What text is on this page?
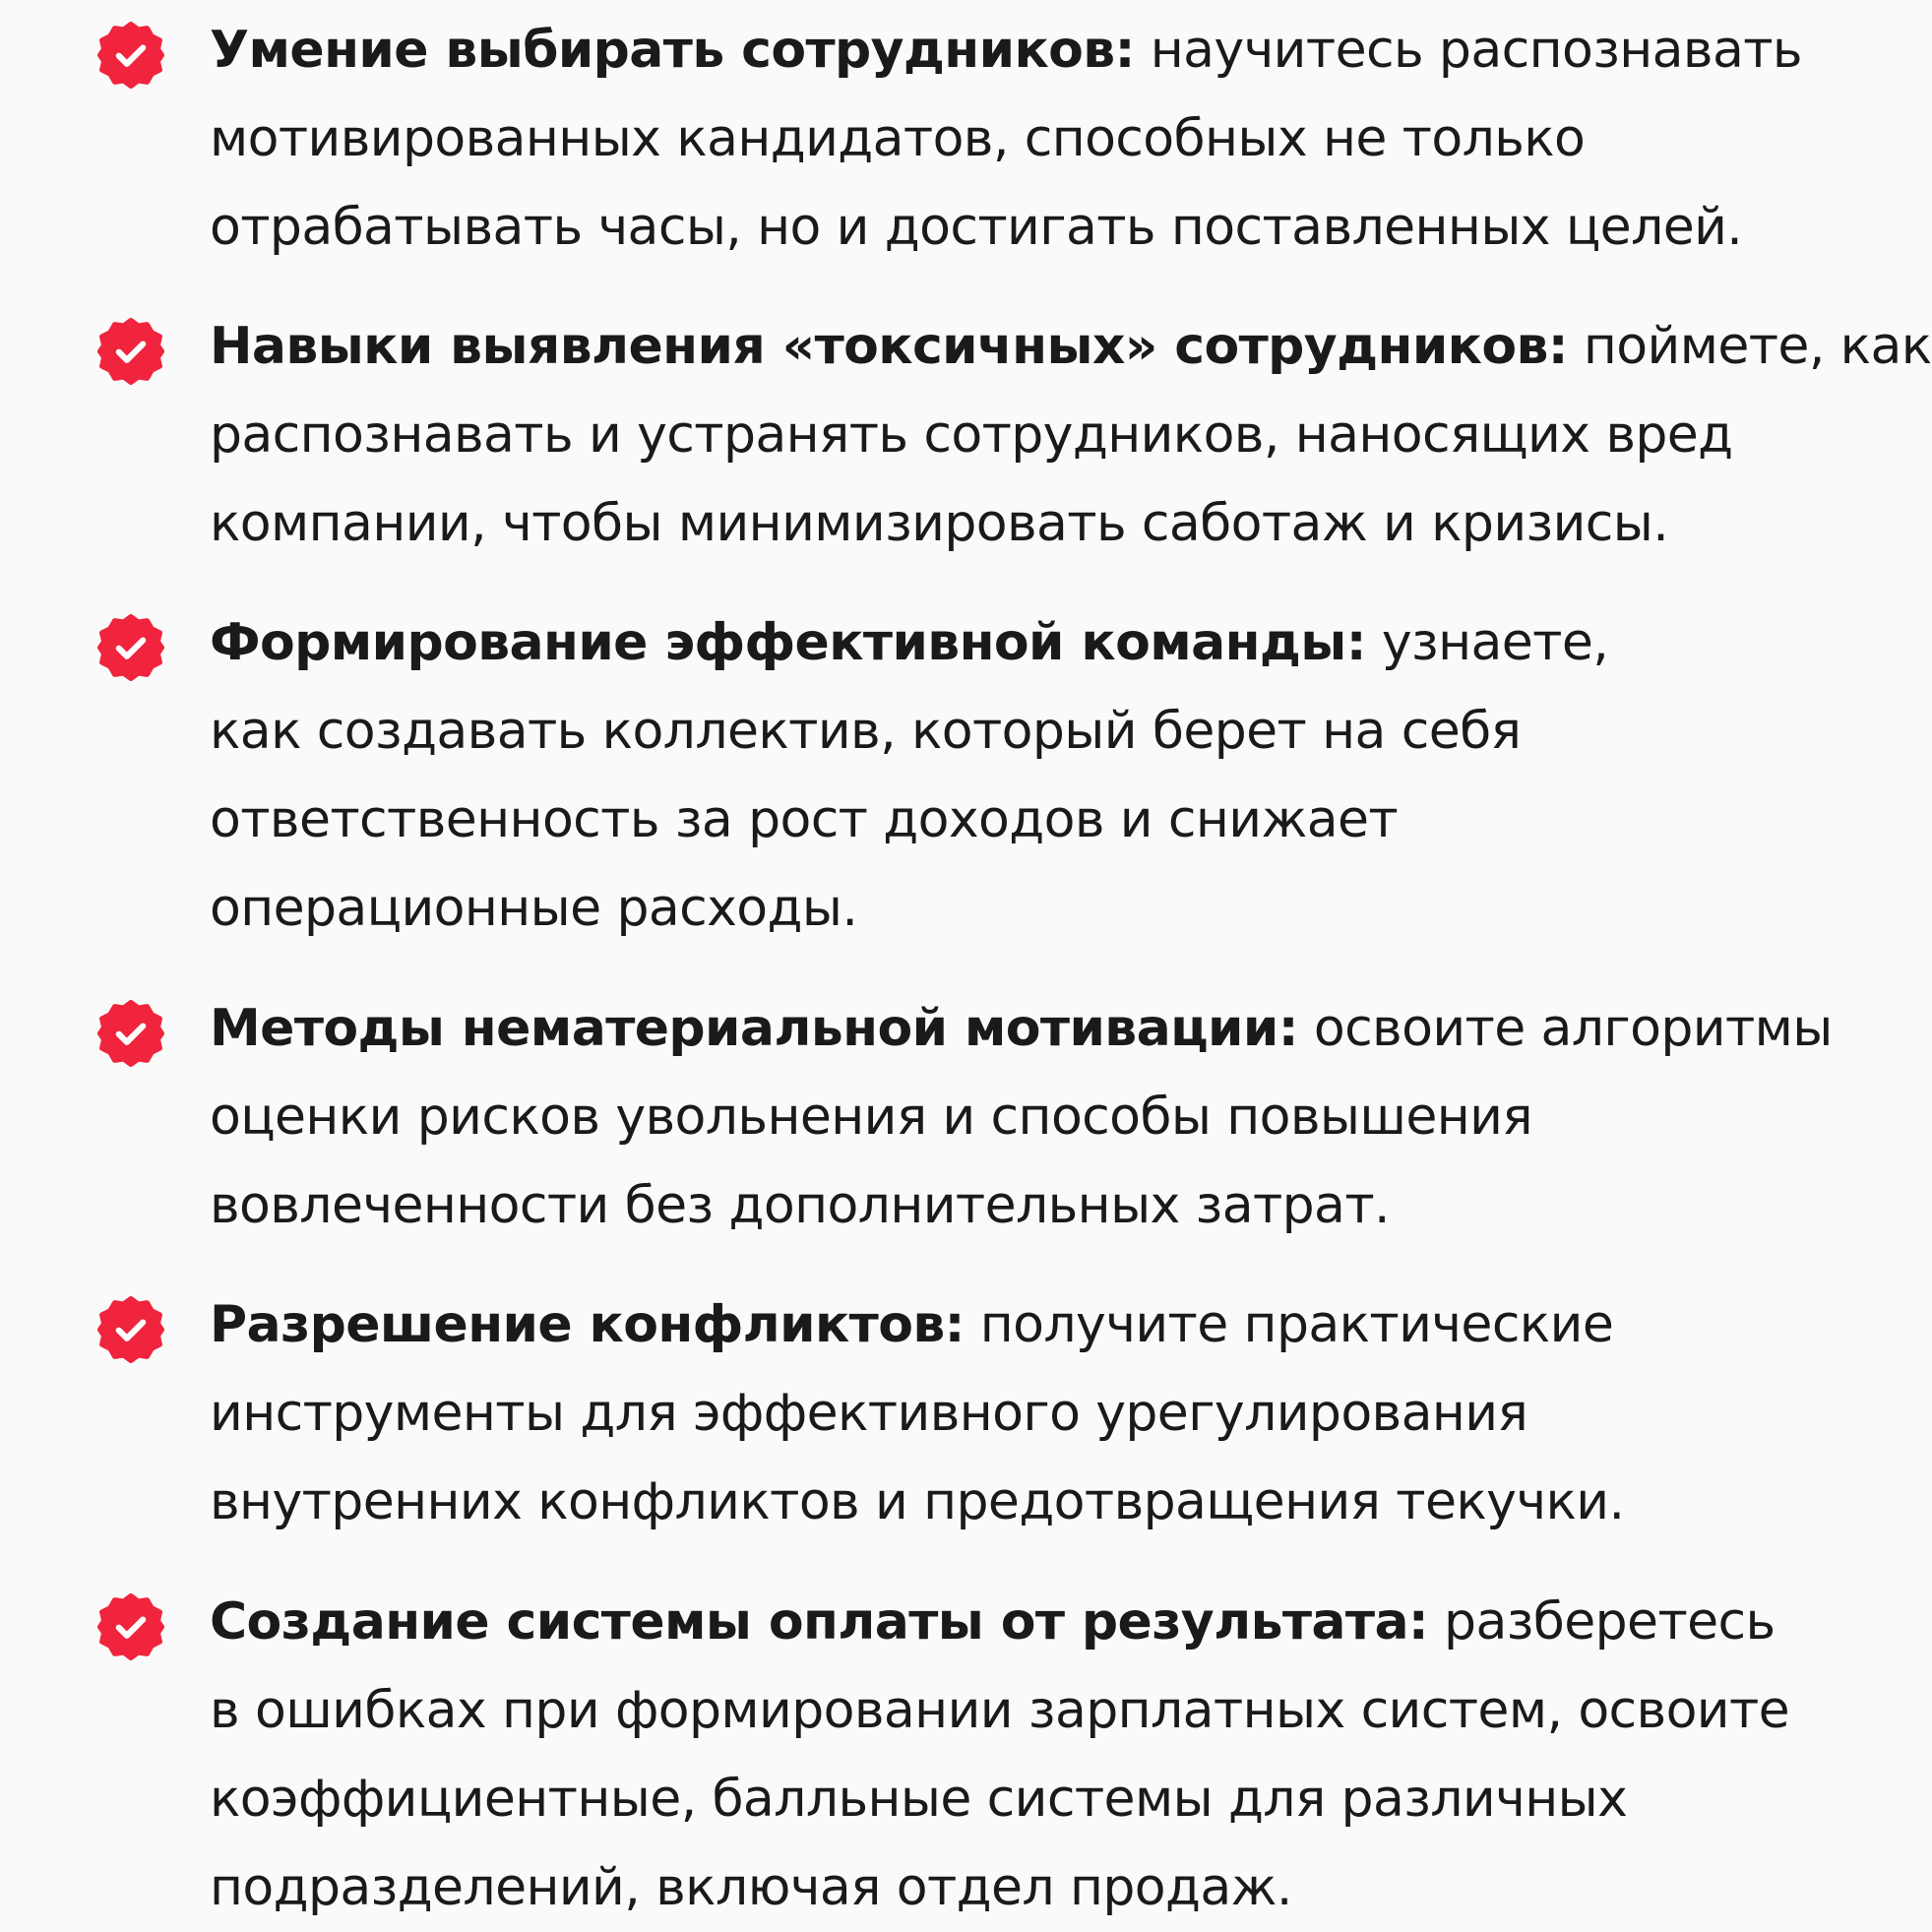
Умение выбирать сотрудников: научитесь распознавать
мотивированных кандидатов, способных не только
отрабатывать часы, но и достигать поставленных целей.
Навыки выявления «токсичных» сотрудников: поймете, как
распознавать и устранять сотрудников, наносящих вред
компании, чтобы минимизировать саботаж и кризисы.
Формирование эффективной команды: узнаете,
как создавать коллектив, который берет на себя
ответственность за рост доходов и снижает
операционные расходы.
Методы нематериальной мотивации: освоите алгоритмы
оценки рисков увольнения и способы повышения
вовлеченности без дополнительных затрат.
Разрешение конфликтов: получите практические
инструменты для эффективного урегулирования
внутренних конфликтов и предотвращения текучки.
Создание системы оплаты от результата: разберетесь
в ошибках при формировании зарплатных систем, освоите
коэффициентные, балльные системы для различных
подразделений, включая отдел продаж.
